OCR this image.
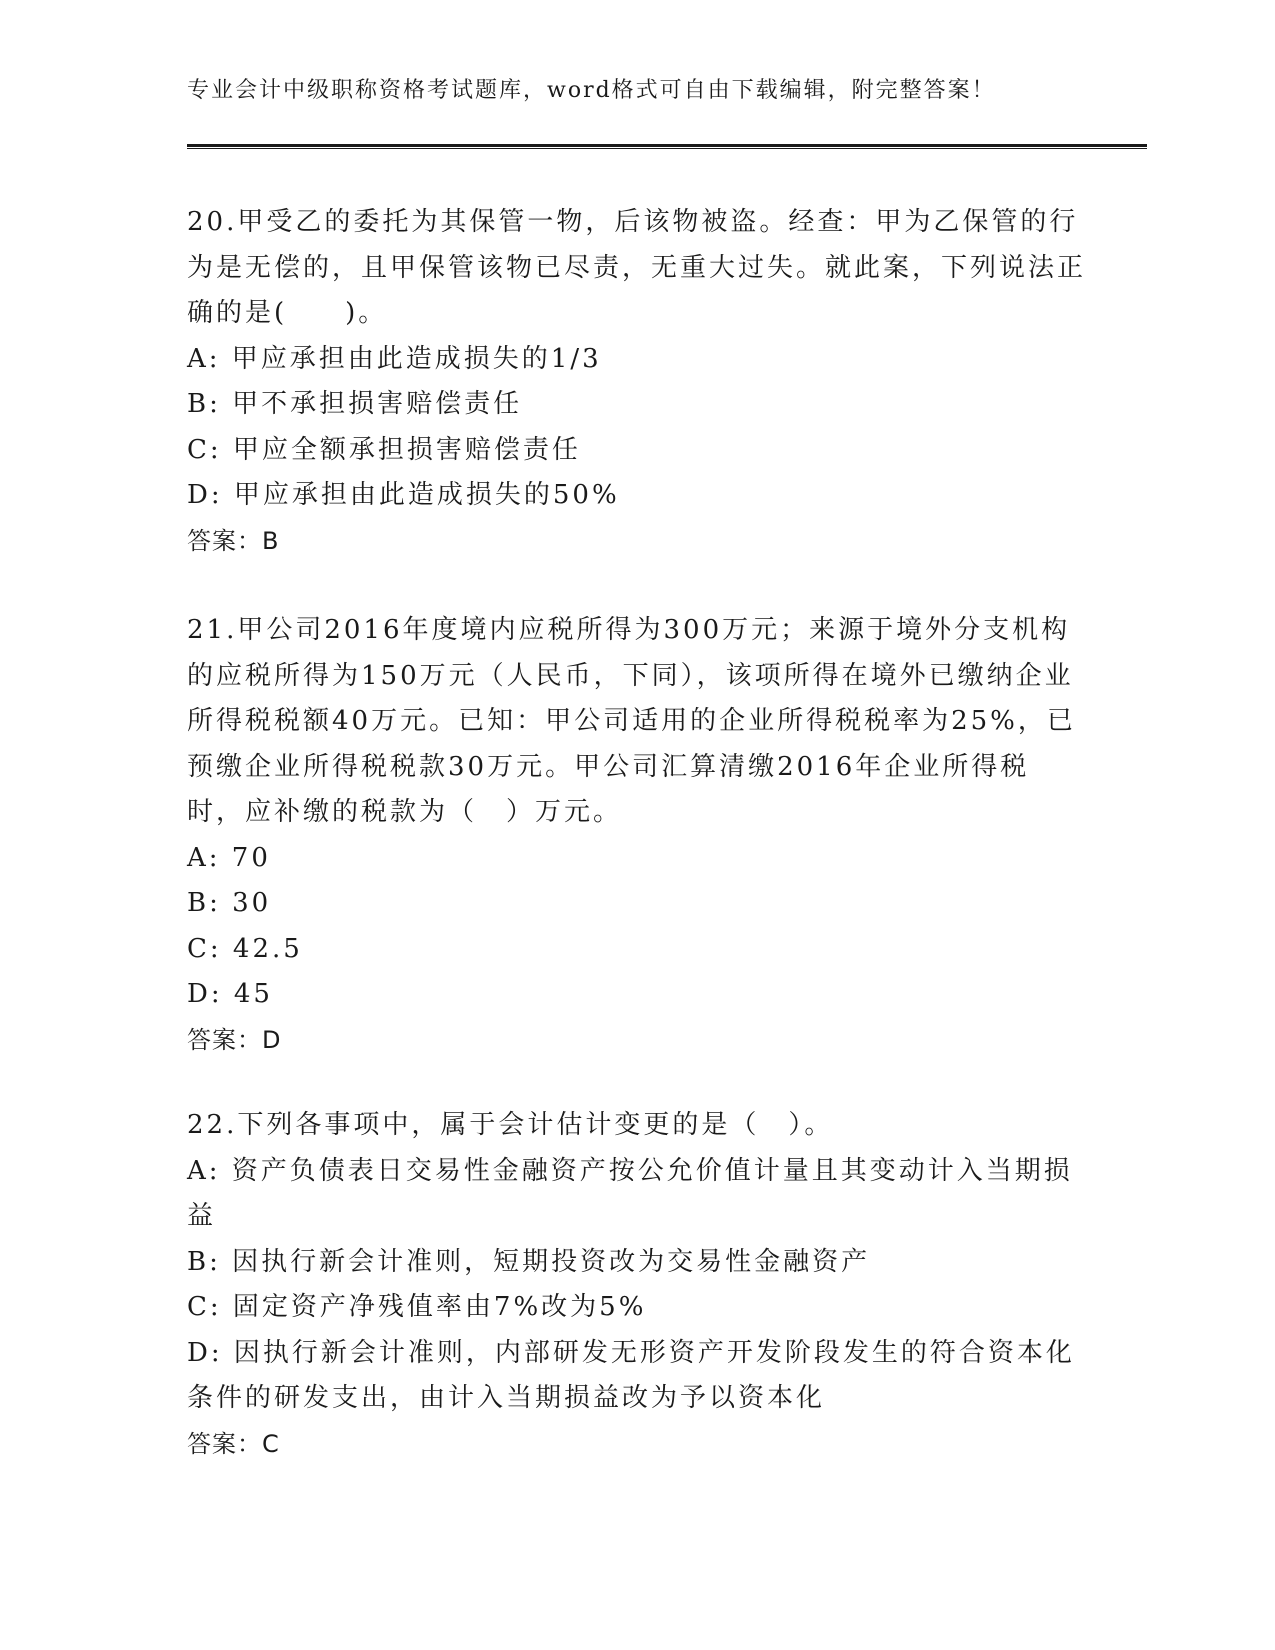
专业会计中级职称资格考试题库，word格式可自由下载编辑，附完整答案！

20.甲受乙的委托为其保管一物，后该物被盗。经查：甲为乙保管的行为是无偿的，且甲保管该物已尽责，无重大过失。就此案，下列说法正确的是(　　)。

A: 甲应承担由此造成损失的1/3

B: 甲不承担损害赔偿责任

C: 甲应全额承担损害赔偿责任

D: 甲应承担由此造成损失的50%

答案：B

21.甲公司2016年度境内应税所得为300万元；来源于境外分支机构的应税所得为150万元（人民币，下同），该项所得在境外已缴纳企业所得税税额40万元。已知：甲公司适用的企业所得税税率为25%，已预缴企业所得税税款30万元。甲公司汇算清缴2016年企业所得税时，应补缴的税款为（　）万元。

A: 70

B: 30

C: 42.5

D: 45

答案：D

22.下列各事项中，属于会计估计变更的是（　）。

A: 资产负债表日交易性金融资产按公允价值计量且其变动计入当期损益

B: 因执行新会计准则，短期投资改为交易性金融资产

C: 固定资产净残值率由7%改为5%

D: 因执行新会计准则，内部研发无形资产开发阶段发生的符合资本化条件的研发支出，由计入当期损益改为予以资本化

答案：C
